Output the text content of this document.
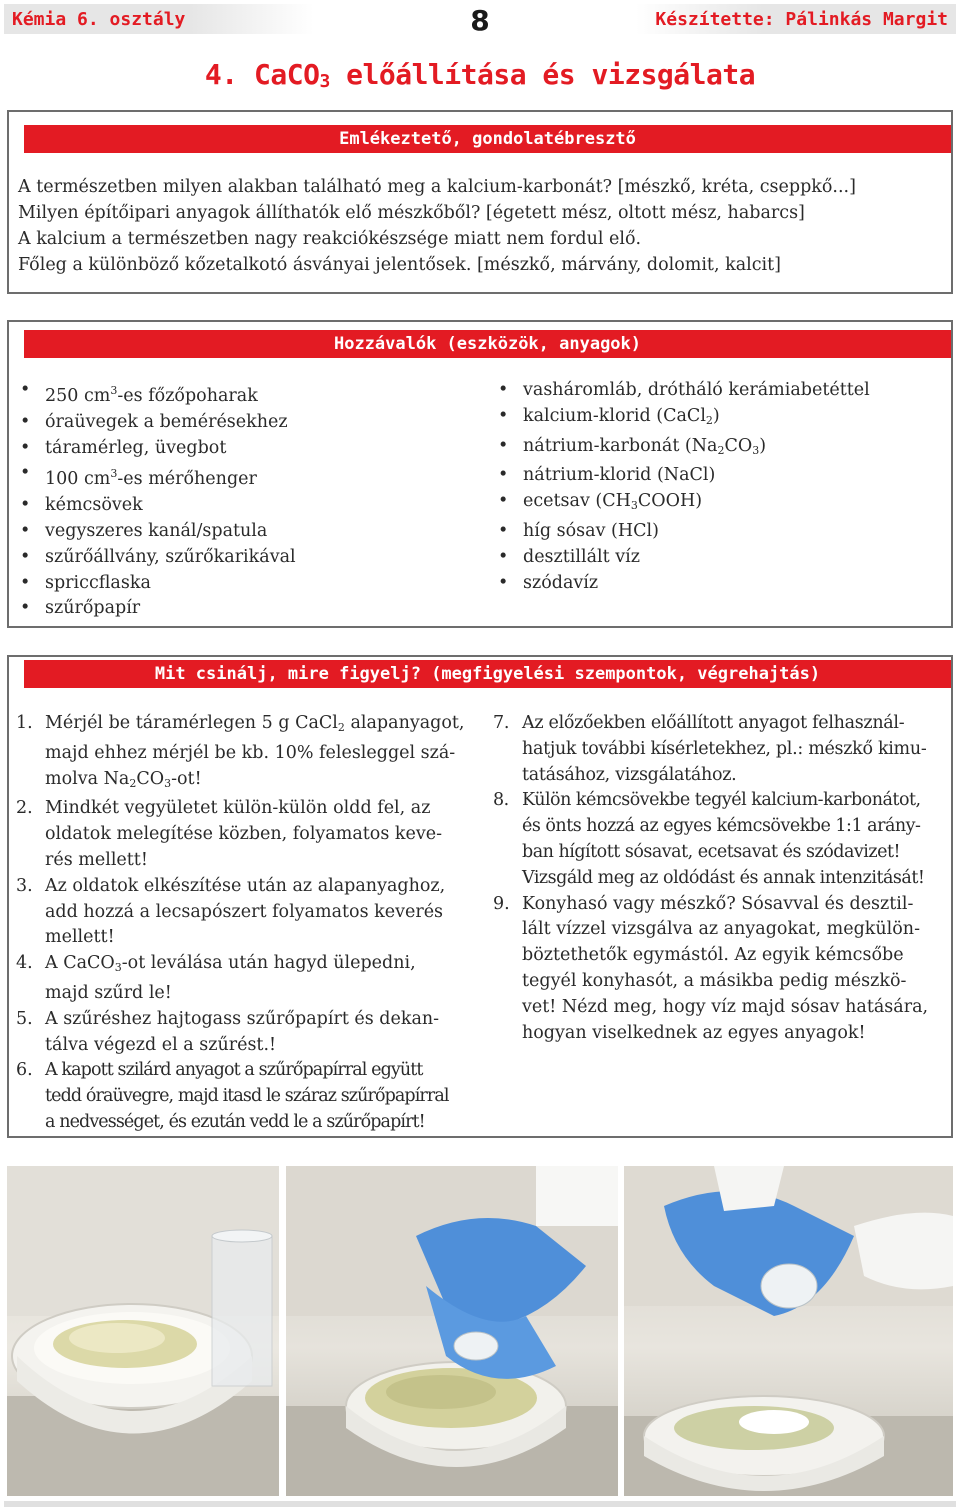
Kémia 6. osztály	8	Készítette: Pálinkás Margit
4. CaCO$_3$ előállítása és vizsgálata
Emlékeztető, gondolatébresztő

A természetben milyen alakban található meg a kalcium-karbonát? [mészkő, kréta, cseppkő...]

Milyen építőipari anyagok állíthatók elő mészkőből? [égetett mész, oltott mész, habarcs]

A kalcium a természetben nagy reakciókészsége miatt nem fordul elő.

Főleg a különböző kőzetalkotó ásványai jelentősek. [mészkő, márvány, dolomit, kalcit]

Hozzávalók (eszközök, anyagok)
• 250 $cm^3-es$ főzőpoharak
• óraüvegek a bemérésekhez
• táramérleg, üvegbot
• 100 $cm^3-es$ mérőhenger
• kémcsövek
• vegyszeres kanál/spatula
• szűrőállvány, szűrőkarikával
• spriccflaska
• szűrőpapír
• vasháromláb, drótháló kerámiabetéttel
• kalcium-klorid (CaCl$_2$)
• nátrium-karbonát $(Na_2CO_3)$
• nátrium-klorid (NaCl)
• ecetsav $(CH_3COOH)$
• híg sósav (HCl)
• desztillált víz
• szódavíz
Mit csinálj, mire figyelj? (megfigyelési szempontok, végrehajtás)
1. Mérjél be táramérlegen 5 g CaCl$_2$ alapanyagot,
majd ehhez mérjél be kb. 10% felesleggel szá-
molva $Na_2CO_3-ot$!
2. Mindkét vegyületet külön-külön oldd fel, az
oldatok melegítése közben, folyamatos keve-
rés mellett!
3. Az oldatok elkészítése után az alapanyaghoz,
add hozzá a lecsapószert folyamatos keverés
mellett!
4. A CaCO$_3$-ot leválása után hagyd ülepedni,
majd szűrd le!
5. A szűréshez hajtogass szűrőpapírt és dekan-
tálva végezd el a szűrést.!
6. A kapott szilárd anyagot a szűrőpapírral együtt
tedd óraüvegre, majd itasd le száraz szűrőpapírral
a nedvességet, és ezután vedd le a szűrőpapírt!
7. Az előzőekben előállított anyagot felhasznál-
hatjuk további kísérletekhez, pl.: mészkő kimu-
tatásához, vizsgálatához.
8. Külön kémcsövekbe tegyél kalcium-karbonátot,
és önts hozzá az egyes kémcsövekbe 1:1 arány-
ban hígított sósavat, ecetsavat és szódavizet!
Vizsgáld meg az oldódást és annak intenzitását!
9. Konyhasó vagy mészkő? Sósavval és desztil-
lált vízzel vizsgálva az anyagokat, megkülön-
böztethetők egymástól. Az egyik kémcsőbe
tegyél konyhasót, a másikba pedig mészkö-
vet! Nézd meg, hogy víz majd sósav hatására,
hogyan viselkednek az egyes anyagok!
